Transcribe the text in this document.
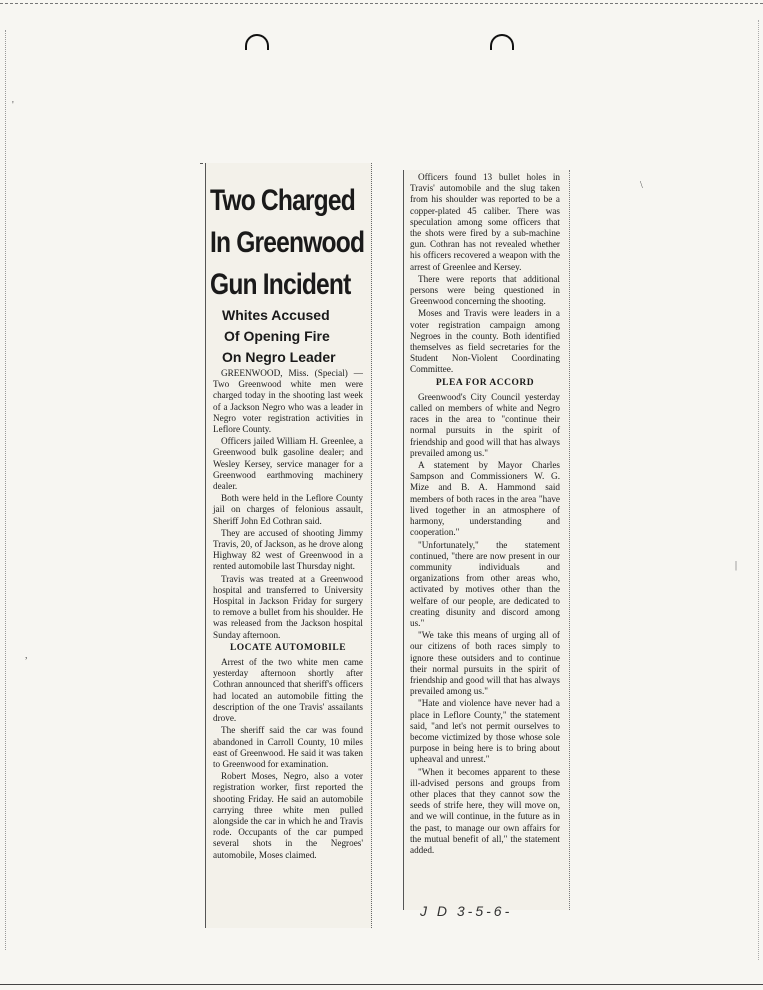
Two Charged
In Greenwood
Gun Incident
Whites Accused
Of Opening Fire
On Negro Leader

GREENWOOD, Miss. (Special) —Two Greenwood white men were charged today in the shooting last week of a Jackson Negro who was a leader in Negro voter registration activities in Leflore County.

Officers jailed William H. Greenlee, a Greenwood bulk gasoline dealer; and Wesley Kersey, service manager for a Greenwood earthmoving machinery dealer.

Both were held in the Leflore County jail on charges of felonious assault, Sheriff John Ed Cothran said.

They are accused of shooting Jimmy Travis, 20, of Jackson, as he drove along Highway 82 west of Greenwood in a rented automobile last Thursday night.

Travis was treated at a Greenwood hospital and transferred to University Hospital in Jackson Friday for surgery to remove a bullet from his shoulder. He was released from the Jackson hospital Sunday afternoon.

LOCATE AUTOMOBILE

Arrest of the two white men came yesterday afternoon shortly after Cothran announced that sheriff's officers had located an automobile fitting the description of the one Travis' assailants drove.

The sheriff said the car was found abandoned in Carroll County, 10 miles east of Greenwood. He said it was taken to Greenwood for examination.

Robert Moses, Negro, also a voter registration worker, first reported the shooting Friday. He said an automobile carrying three white men pulled alongside the car in which he and Travis rode. Occupants of the car pumped several shots in the Negroes' automobile, Moses claimed.

Officers found 13 bullet holes in Travis' automobile and the slug taken from his shoulder was reported to be a copper-plated 45 caliber. There was speculation among some officers that the shots were fired by a sub-machine gun. Cothran has not revealed whether his officers recovered a weapon with the arrest of Greenlee and Kersey.

There were reports that additional persons were being questioned in Greenwood concerning the shooting.

Moses and Travis were leaders in a voter registration campaign among Negroes in the county. Both identified themselves as field secretaries for the Student Non-Violent Coordinating Committee.

PLEA FOR ACCORD

Greenwood's City Council yesterday called on members of white and Negro races in the area to "continue their normal pursuits in the spirit of friendship and good will that has always prevailed among us."

A statement by Mayor Charles Sampson and Commissioners W. G. Mize and B. A. Hammond said members of both races in the area "have lived together in an atmosphere of harmony, understanding and cooperation."

"Unfortunately," the statement continued, "there are now present in our community individuals and organizations from other areas who, activated by motives other than the welfare of our people, are dedicated to creating disunity and discord among us."

"We take this means of urging all of our citizens of both races simply to ignore these outsiders and to continue their normal pursuits in the spirit of friendship and good will that has always prevailed among us."

"Hate and violence have never had a place in Leflore County," the statement said, "and let's not permit ourselves to become victimized by those whose sole purpose in being here is to bring about upheaval and unrest."

"When it becomes apparent to these ill-advised persons and groups from other places that they cannot sow the seeds of strife here, they will move on, and we will continue, in the future as in the past, to manage our own affairs for the mutual benefit of all," the statement added.

J D 3-5-6-
'
\
|
,
